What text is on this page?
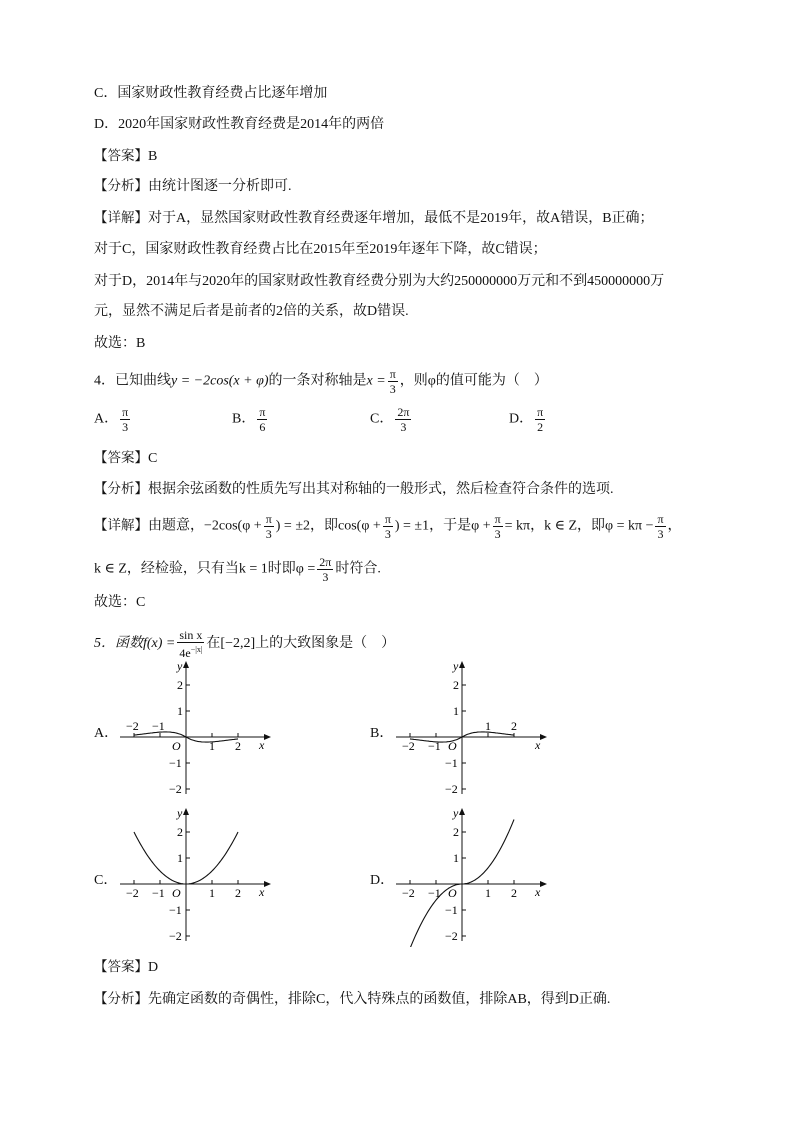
C．国家财政性教育经费占比逐年增加
D．2020年国家财政性教育经费是2014年的两倍
【答案】B
【分析】由统计图逐一分析即可.
【详解】对于A，显然国家财政性教育经费逐年增加，最低不是2019年，故A错误，B正确；
对于C，国家财政性教育经费占比在2015年至2019年逐年下降，故C错误；
对于D，2014年与2020年的国家财政性教育经费分别为大约250000000万元和不到450000000万
元，显然不满足后者是前者的2倍的关系，故D错误.
故选：B
4．已知曲线y = −2cos(x + φ)的一条对称轴是$x = \frac{\pi}{3}$ ，则φ的值可能为（　）
A． $\frac{\pi}{3}$	B． $\frac{\pi}{6}$	C． $\frac{2\pi}{3}$	D． $\frac{\pi}{2}$
【答案】C
【分析】根据余弦函数的性质先写出其对称轴的一般形式，然后检查符合条件的选项.
【详解】由题意，$-2\cos(\varphi + \frac{\pi}{3}$ ) = ±2，即$\cos(\varphi + \frac{\pi}{3}$ ) = ±1，于是$\varphi + \frac{\pi}{3} = k\pi$，k ∈ Z，即$\varphi = k\pi - \frac{\pi}{3}$ ，
k ∈ Z，经检验，只有当k = 1时即$\varphi = \frac{2\pi}{3}$ 时符合.
故选：C
5．函数$f(x) = \frac{\text{sin x}}{4e^{-|x|}}$ 在[−2,2]上的大致图象是（　）
A．	B．
C．	D．
y
x
O
1
2
−1
−2
1 2
−1
−2
y
x
O
1
2
−1
−2
1 2
−1
−2
y
x
O
1
2
−1
−2
1 2
−1
−2
y
x
O
1
2
−1
−2
1 2
−1
−2
【答案】D
【分析】先确定函数的奇偶性，排除C，代入特殊点的函数值，排除AB，得到D正确.
